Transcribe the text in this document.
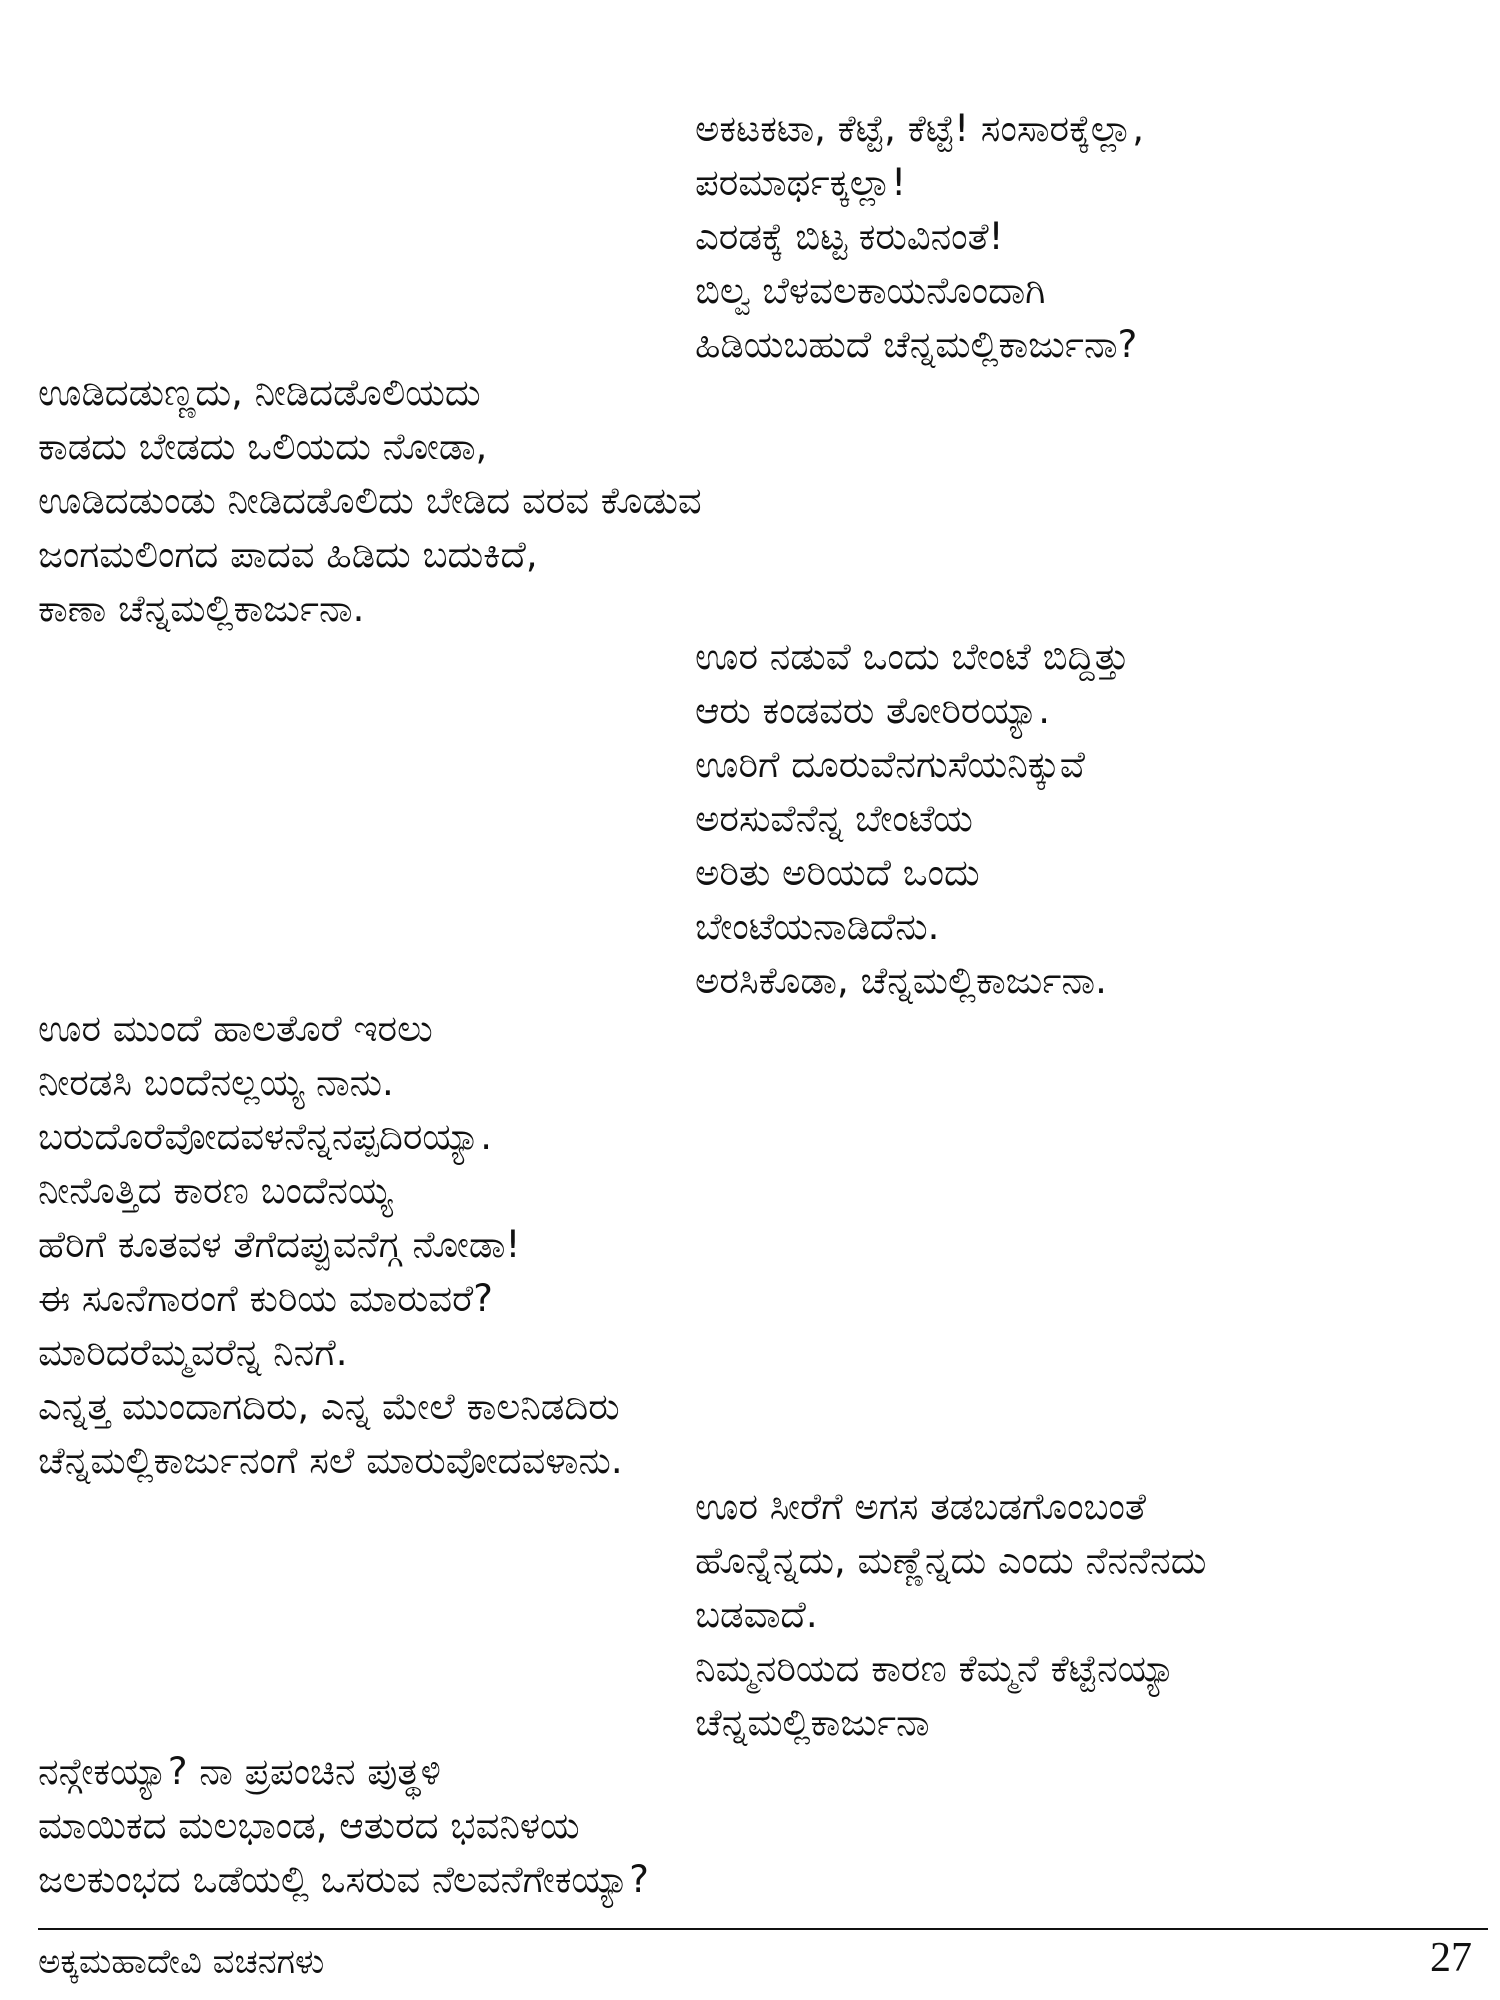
ಅಕಟಕಟಾ, ಕೆಟ್ಟೆ, ಕೆಟ್ಟೆ! ಸಂಸಾರಕ್ಕೆಲ್ಲಾ,
ಪರಮಾರ್ಥಕ್ಕಲ್ಲಾ!
ಎರಡಕ್ಕೆ ಬಿಟ್ಟ ಕರುವಿನಂತೆ!
ಬಿಲ್ವ ಬೆಳವಲಕಾಯನೊಂದಾಗಿ
ಹಿಡಿಯಬಹುದೆ ಚೆನ್ನಮಲ್ಲಿಕಾರ್ಜುನಾ?
ಊಡಿದಡುಣ್ಣದು, ನೀಡಿದಡೊಲಿಯದು
ಕಾಡದು ಬೇಡದು ಒಲಿಯದು ನೋಡಾ,
ಊಡಿದಡುಂಡು ನೀಡಿದಡೊಲಿದು ಬೇಡಿದ ವರವ ಕೊಡುವ
ಜಂಗಮಲಿಂಗದ ಪಾದವ ಹಿಡಿದು ಬದುಕಿದೆ,
ಕಾಣಾ ಚೆನ್ನಮಲ್ಲಿಕಾರ್ಜುನಾ.
ಊರ ನಡುವೆ ಒಂದು ಬೇಂಟೆ ಬಿದ್ದಿತ್ತು
ಆರು ಕಂಡವರು ತೋರಿರಯ್ಯಾ.
ಊರಿಗೆ ದೂರುವೆನಗುಸೆಯನಿಕ್ಕುವೆ
ಅರಸುವೆನೆನ್ನ ಬೇಂಟೆಯ
ಅರಿತು ಅರಿಯದೆ ಒಂದು
ಬೇಂಟೆಯನಾಡಿದೆನು.
ಅರಸಿಕೊಡಾ, ಚೆನ್ನಮಲ್ಲಿಕಾರ್ಜುನಾ.
ಊರ ಮುಂದೆ ಹಾಲತೊರೆ ಇರಲು
ನೀರಡಸಿ ಬಂದೆನಲ್ಲಯ್ಯ ನಾನು.
ಬರುದೊರೆವೋದವಳನೆನ್ನನಪ್ಪದಿರಯ್ಯಾ.
ನೀನೊತ್ತಿದ ಕಾರಣ ಬಂದೆನಯ್ಯ
ಹೆರಿಗೆ ಕೂತವಳ ತೆಗೆದಪ್ಪುವನೆಗ್ಗ ನೋಡಾ!
ಈ ಸೂನೆಗಾರಂಗೆ ಕುರಿಯ ಮಾರುವರೆ?
ಮಾರಿದರೆಮ್ಮವರೆನ್ನ ನಿನಗೆ.
ಎನ್ನತ್ತ ಮುಂದಾಗದಿರು, ಎನ್ನ ಮೇಲೆ ಕಾಲನಿಡದಿರು
ಚೆನ್ನಮಲ್ಲಿಕಾರ್ಜುನಂಗೆ ಸಲೆ ಮಾರುವೋದವಳಾನು.
ಊರ ಸೀರೆಗೆ ಅಗಸ ತಡಬಡಗೊಂಬಂತೆ
ಹೊನ್ನೆನ್ನದು, ಮಣ್ಣೆನ್ನದು ಎಂದು ನೆನನೆನದು
ಬಡವಾದೆ.
ನಿಮ್ಮನರಿಯದ ಕಾರಣ ಕೆಮ್ಮನೆ ಕೆಟ್ಟೆನಯ್ಯಾ
ಚೆನ್ನಮಲ್ಲಿಕಾರ್ಜುನಾ
ನನ್ಗೇಕಯ್ಯಾ? ನಾ ಪ್ರಪಂಚಿನ ಪುತ್ಥಳಿ
ಮಾಯಿಕದ ಮಲಭಾಂಡ, ಆತುರದ ಭವನಿಳಯ
ಜಲಕುಂಭದ ಒಡೆಯಲ್ಲಿ ಒಸರುವ ನೆಲವನೆಗೇಕಯ್ಯಾ?
ಅಕ್ಕಮಹಾದೇವಿ ವಚನಗಳು	27
